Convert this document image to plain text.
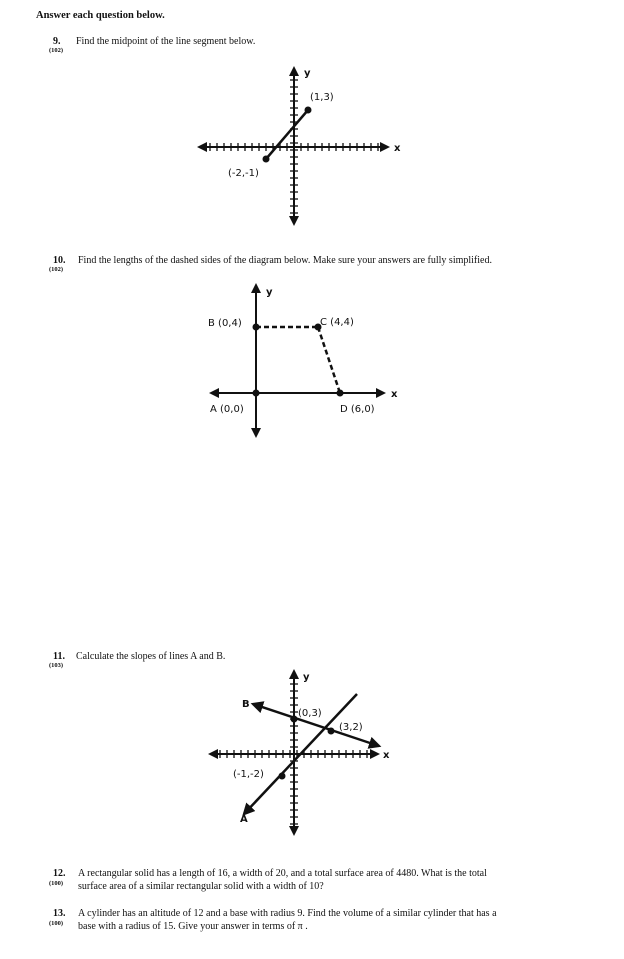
Answer each question below.
9.
(102)
Find the midpoint of the line segment below.
10.
(102)
Find the lengths of the dashed sides of the diagram below. Make sure your answers are fully simplified.
11.
(103)
Calculate the slopes of lines A and B.
12.
(100)
A rectangular solid has a length of 16, a width of 20, and a total surface area of 4480. What is the total
surface area of a similar rectangular solid with a width of 10?
13.
(100)
A cylinder has an altitude of 12 and a base with radius 9. Find the volume of a similar cylinder that has a
base with a radius of 15. Give your answer in terms of π .
y
x
(1,3)
(-2,-1)
y
x
B (0,4)	C (4,4)
A (0,0)	D (6,0)
y
x
B
A
(0,3)
(3,2)
(-1,-2)
